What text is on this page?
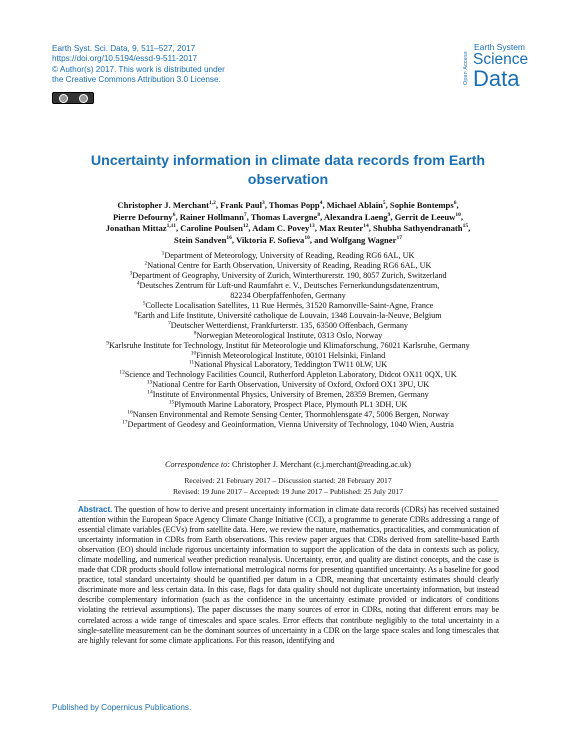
Earth Syst. Sci. Data, 9, 511–527, 2017
https://doi.org/10.5194/essd-9-511-2017
© Author(s) 2017. This work is distributed under
the Creative Commons Attribution 3.0 License.	Open Access
Earth System
Science
Data
Uncertainty information in climate data records from Earth observation
Christopher J. Merchant$^{1,2}$, Frank Paul$^3$, Thomas Popp$^4$, Michael Ablain$^5$, Sophie Bontemps$^6$,
Pierre Defourny$^6$, Rainer Hollmann$^7$, Thomas Lavergne$^8$, Alexandra Laeng$^9$, Gerrit de Leeuw$^{10}$,
Jonathan Mittaz$^{1,11}$, Caroline Poulsen$^{12}$, Adam C. Povey$^{13}$, Max Reuter$^{14}$, Shubha Sathyendranath$^{15}$,
Stein Sandven$^{16}$, Viktoria F. Sofieva$^{10}$, and Wolfgang Wagner$^{17}$
$^1$Department of Meteorology, University of Reading, Reading RG6 6AL, UK
$^2$National Centre for Earth Observation, University of Reading, Reading RG6 6AL, UK
$^3$Department of Geography, University of Zurich, Winterthurerstr. 190, 8057 Zurich, Switzerland
$^4$Deutsches Zentrum für Luft-und Raumfahrt e. V., Deutsches Fernerkundungsdatenzentrum,
82234 Oberpfaffenhofen, Germany
$^5$Collecte Localisation Satellites, 11 Rue Hermès, 31520 Ramonville-Saint-Agne, France
$^6$Earth and Life Institute, Université catholique de Louvain, 1348 Louvain-la-Neuve, Belgium
$^7$Deutscher Wetterdienst, Frankfurterstr. 135, 63500 Offenbach, Germany
$^8$Norwegian Meteorological Institute, 0313 Oslo, Norway
$^9$Karlsruhe Institute for Technology, Institut für Meteorologie und Klimaforschung, 76021 Karlsruhe, Germany
$^{10}$Finnish Meteorological Institute, 00101 Helsinki, Finland
$^{11}$National Physical Laboratory, Teddington TW11 0LW, UK
$^{12}$Science and Technology Facilities Council, Rutherford Appleton Laboratory, Didcot OX11 0QX, UK
$^{13}$National Centre for Earth Observation, University of Oxford, Oxford OX1 3PU, UK
$^{14}$Institute of Environmental Physics, University of Bremen, 28359 Bremen, Germany
$^{15}$Plymouth Marine Laboratory, Prospect Place, Plymouth PL1 3DH, UK
$^{16}$Nansen Environmental and Remote Sensing Center, Thormohlensgate 47, 5006 Bergen, Norway
$^{17}$Department of Geodesy and Geoinformation, Vienna University of Technology, 1040 Wien, Austria
Correspondence to: Christopher J. Merchant (c.j.merchant@reading.ac.uk)
Received: 21 February 2017 – Discussion started: 28 February 2017
Revised: 19 June 2017 – Accepted: 19 June 2017 – Published: 25 July 2017

Abstract. The question of how to derive and present uncertainty information in climate data records (CDRs) has received sustained attention within the European Space Agency Climate Change Initiative (CCI), a programme to generate CDRs addressing a range of essential climate variables (ECVs) from satellite data. Here, we review the nature, mathematics, practicalities, and communication of uncertainty information in CDRs from Earth observations. This review paper argues that CDRs derived from satellite-based Earth observation (EO) should include rigorous uncertainty information to support the application of the data in contexts such as policy, climate modelling, and numerical weather prediction reanalysis. Uncertainty, error, and quality are distinct concepts, and the case is made that CDR products should follow international metrological norms for presenting quantified uncertainty. As a baseline for good practice, total standard uncertainty should be quantified per datum in a CDR, meaning that uncertainty estimates should clearly discriminate more and less certain data. In this case, flags for data quality should not duplicate uncertainty information, but instead describe complementary information (such as the confidence in the uncertainty estimate provided or indicators of conditions violating the retrieval assumptions). The paper discusses the many sources of error in CDRs, noting that different errors may be correlated across a wide range of timescales and space scales. Error effects that contribute negligibly to the total uncertainty in a single-satellite measurement can be the dominant sources of uncertainty in a CDR on the large space scales and long timescales that are highly relevant for some climate applications. For this reason, identifying and

Published by Copernicus Publications.
